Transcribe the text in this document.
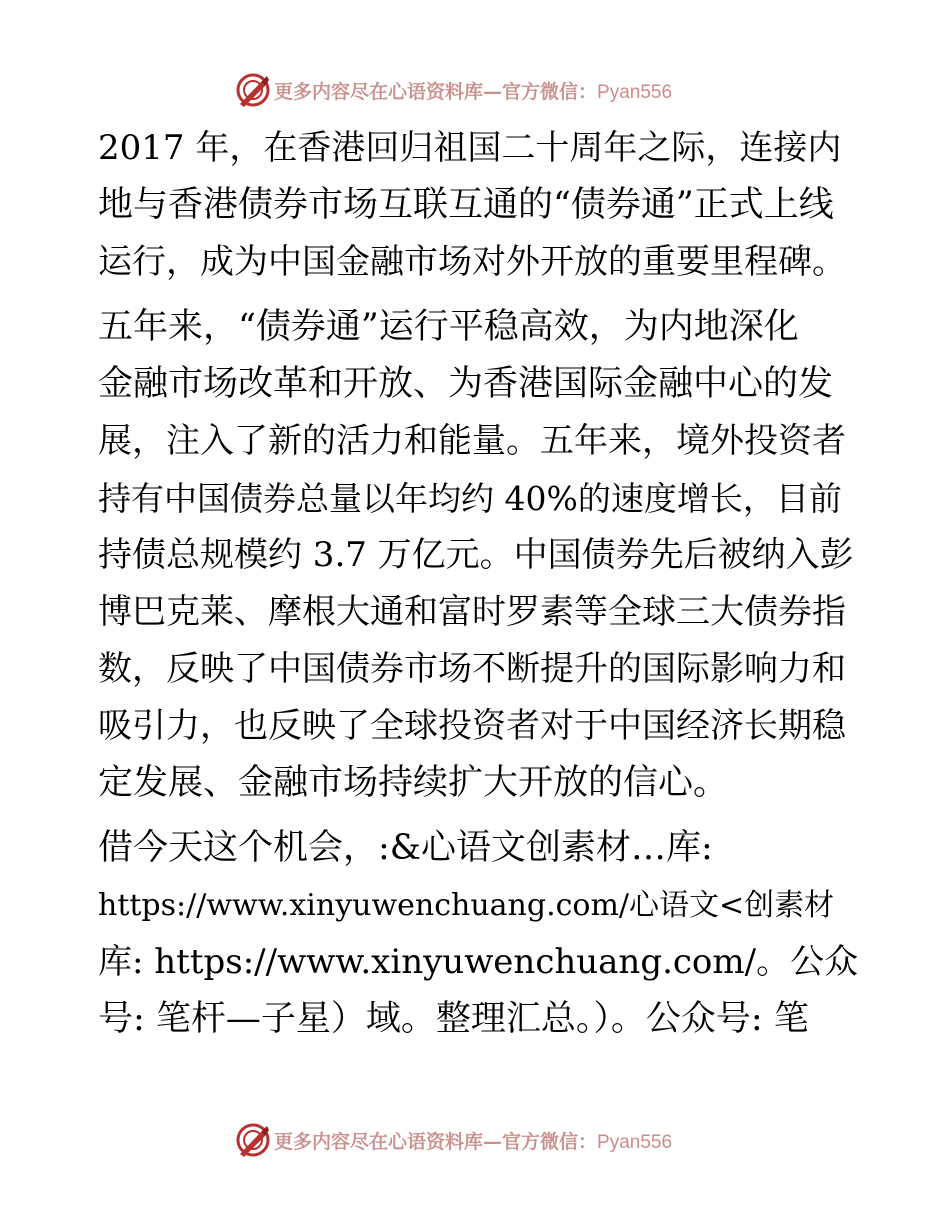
更多内容尽在心语资料库—官方微信：Pyan556
2017 年，在香港回归祖国二十周年之际，连接内
地与香港债券市场互联互通的“债券通”正式上线
运行，成为中国金融市场对外开放的重要里程碑。
五年来，“债券通”运行平稳高效，为内地深化
金融市场改革和开放、为香港国际金融中心的发
展，注入了新的活力和能量。五年来，境外投资者
持有中国债券总量以年均约 40%的速度增长，目前
持债总规模约 3.7 万亿元。中国债券先后被纳入彭
博巴克莱、摩根大通和富时罗素等全球三大债券指
数，反映了中国债券市场不断提升的国际影响力和
吸引力，也反映了全球投资者对于中国经济长期稳
定发展、金融市场持续扩大开放的信心。
借今天这个机会，:&心语文创素材…库:
https://www.xinyuwenchuang.com/心语文<创素材
库: https://www.xinyuwenchuang.com/。公众
号: 笔杆—子星）域。整理汇总。）。公众号: 笔
更多内容尽在心语资料库—官方微信：Pyan556
